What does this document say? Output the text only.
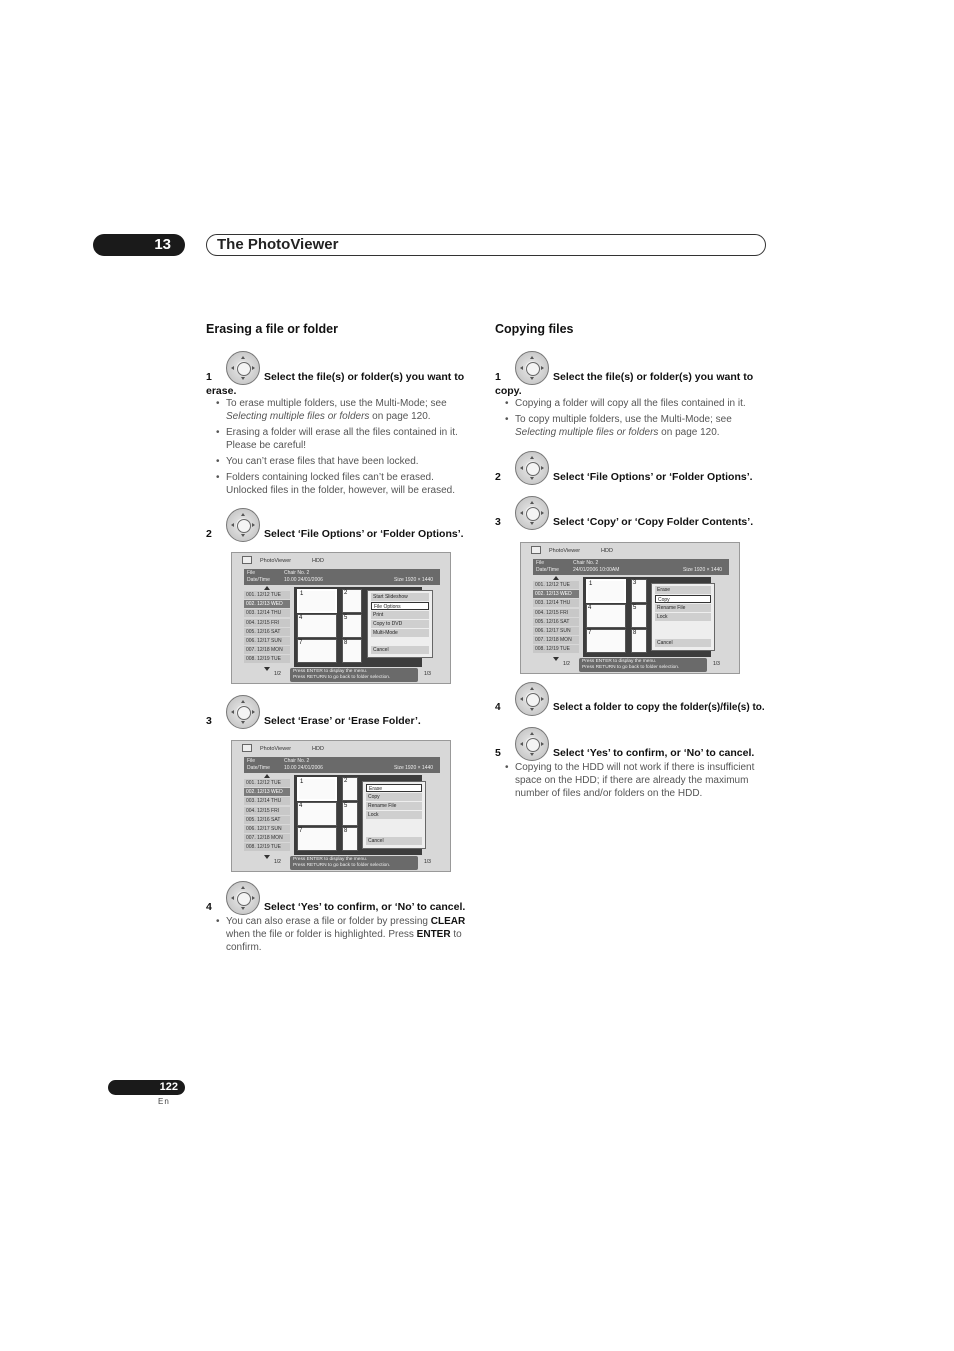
13	The PhotoViewer
Erasing a file or folder
1	Select the file(s) or folder(s) you want to
erase.
• To erase multiple folders, use the Multi-Mode; see Selecting multiple files or folders on page 120.
• Erasing a folder will erase all the files contained in it. Please be careful!
• You can’t erase files that have been locked.
• Folders containing locked files can’t be erased. Unlocked files in the folder, however, will be erased.
2	Select ‘File Options’ or ‘Folder Options’.
PhotoViewer	HDD
File	Chair No. 2
Date/Time	10.00 24/01/2006	Size 1920 × 1440
001. 12/12 TUE
002. 12/13 WED
003. 12/14 THU
004. 12/15 FRI
005. 12/16 SAT
006. 12/17 SUN
007. 12/18 MON
008. 12/19 TUE
1/2
1
4
7
2
5
8
Start Slideshow
File Options
Print
Copy to DVD
Multi-Mode
Cancel
Press ENTER to display the menu.
Press RETURN to go back to folder selection.
1/3
3	Select ‘Erase’ or ‘Erase Folder’.
PhotoViewer	HDD
File	Chair No. 2
Date/Time	10.00 24/01/2006	Size 1920 × 1440
001. 12/12 TUE
002. 12/13 WED
003. 12/14 THU
004. 12/15 FRI
005. 12/16 SAT
006. 12/17 SUN
007. 12/18 MON
008. 12/19 TUE
1/2
1
4
7
2
5
8
Erase
Copy
Rename File
Lock
Cancel
Press ENTER to display the menu.
Press RETURN to go back to folder selection.
1/3
4	Select ‘Yes’ to confirm, or ‘No’ to cancel.
• You can also erase a file or folder by pressing CLEAR when the file or folder is highlighted. Press ENTER to confirm.
Copying files
1	Select the file(s) or folder(s) you want to
copy.
• Copying a folder will copy all the files contained in it.
• To copy multiple folders, use the Multi-Mode; see Selecting multiple files or folders on page 120.
2	Select ‘File Options’ or ‘Folder Options’.
3	Select ‘Copy’ or ‘Copy Folder Contents’.
PhotoViewer	HDD
File	Chair No. 2
Date/Time	24/01/2006 10:00AM	Size 1920 × 1440
001. 12/12 TUE
002. 12/13 WED
003. 12/14 THU
004. 12/15 FRI
005. 12/16 SAT
006. 12/17 SUN
007. 12/18 MON
008. 12/19 TUE
1/2
1
4
7
3
5
8
Erase
Copy
Rename File
Lock
Cancel
Press ENTER to display the menu.
Press RETURN to go back to folder selection.
1/3
4	Select a folder to copy the folder(s)/file(s) to.
5	Select ‘Yes’ to confirm, or ‘No’ to cancel.
• Copying to the HDD will not work if there is insufficient space on the HDD; if there are already the maximum number of files and/or folders on the HDD.
122
En
